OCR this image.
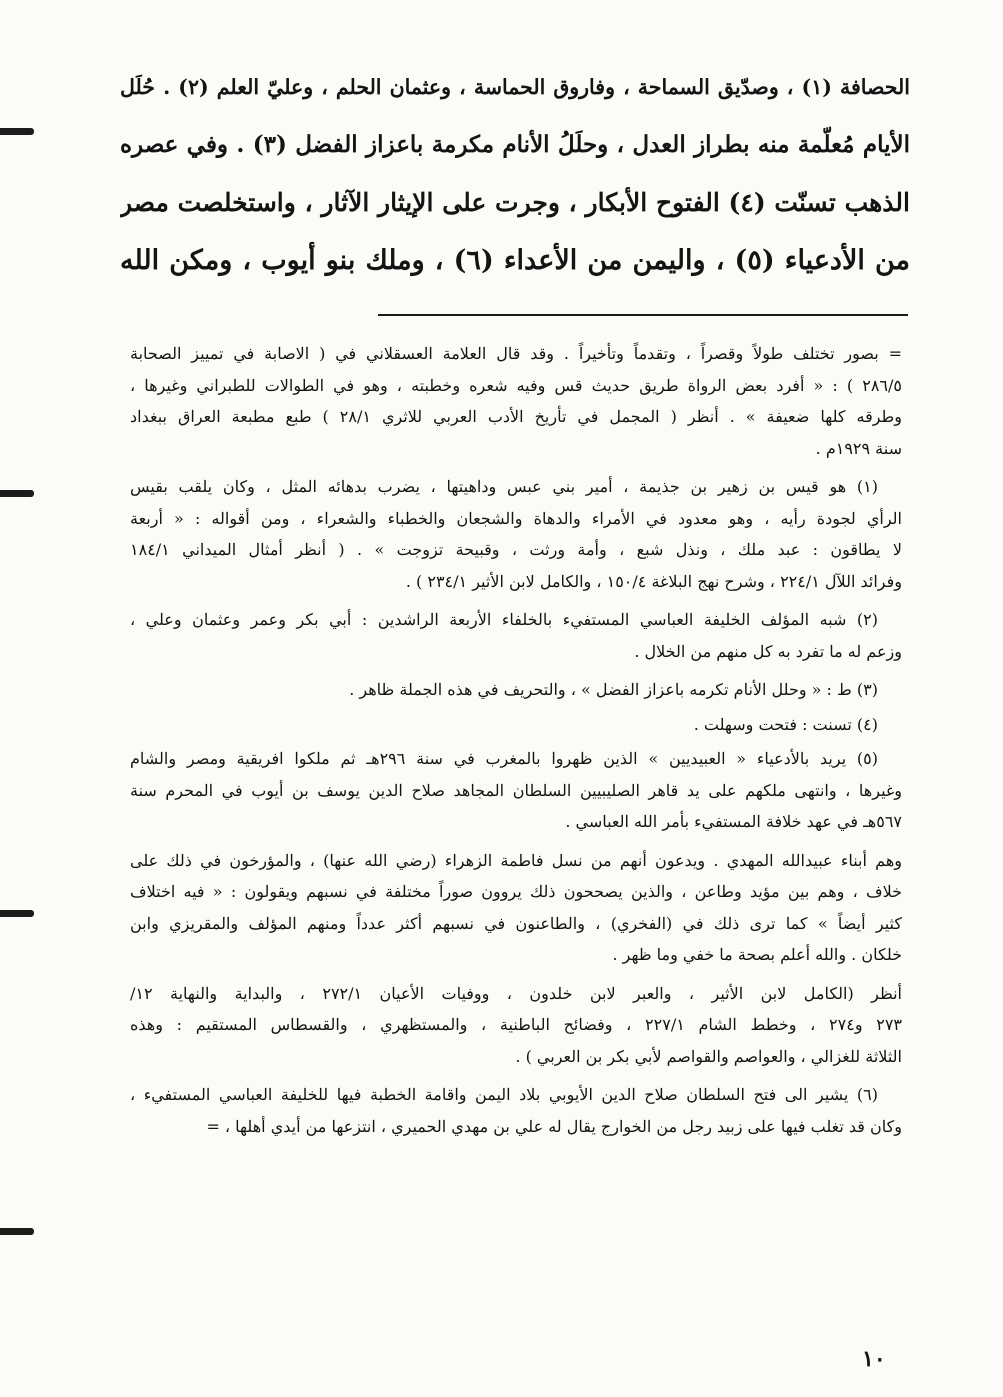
الحصافة (١) ، وصدّيق السماحة ، وفاروق الحماسة ، وعثمان الحلم ، وعليّ العلم (٢) . حُلَل
الأيام مُعلّمة منه بطراز العدل ، وحلَلُ الأنام مكرمة باعزاز الفضل (٣) . وفي عصره
الذهب تسنّت (٤) الفتوح الأبكار ، وجرت على الإيثار الآثار ، واستخلصت مصر
من الأدعياء (٥) ، واليمن من الأعداء (٦) ، وملك بنو أيوب ، ومكن الله
= بصور تختلف طولاً وقصراً ، وتقدماً وتأخيراً . وقد قال العلامة العسقلاني في ( الاصابة في تمييز الصحابة
٢٨٦/٥ ) : « أفرد بعض الرواة طريق حديث قس وفيه شعره وخطبته ، وهو في الطوالات للطبراني وغيرها ،
وطرقه كلها ضعيفة » . أنظر ( المجمل في تأريخ الأدب العربي للاثري ٢٨/١ ) طبع مطبعة العراق ببغداد
سنة ١٩٢٩م .
(١) هو قيس بن زهير بن جذيمة ، أمير بني عبس وداهيتها ، يضرب بدهائه المثل ، وكان يلقب بقيس
الرأي لجودة رأيه ، وهو معدود في الأمراء والدهاة والشجعان والخطباء والشعراء ، ومن أقواله : « أربعة
لا يطاقون : عبد ملك ، ونذل شبع ، وأمة ورثت ، وقبيحة تزوجت » . ( أنظر أمثال الميداني ١٨٤/١
وفرائد اللآل ٢٢٤/١ ، وشرح نهج البلاغة ١٥٠/٤ ، والكامل لابن الأثير ٢٣٤/١ ) .
(٢) شبه المؤلف الخليفة العباسي المستفيء بالخلفاء الأربعة الراشدين : أبي بكر وعمر وعثمان وعلي ،
وزعم له ما تفرد به كل منهم من الخلال .
(٣) ط : « وحلل الأنام تكرمه باعزاز الفضل » ، والتحريف في هذه الجملة ظاهر .
(٤) تسنت : فتحت وسهلت .
(٥) يريد بالأدعياء « العبيديين » الذين ظهروا بالمغرب في سنة ٢٩٦هـ ثم ملكوا افريقية ومصر والشام
وغيرها ، وانتهى ملكهم على يد قاهر الصليبيين السلطان المجاهد صلاح الدين يوسف بن أيوب في المحرم سنة
٥٦٧هـ في عهد خلافة المستفيء بأمر الله العباسي .
وهم أبناء عبيدالله المهدي . ويدعون أنهم من نسل فاطمة الزهراء (رضي الله عنها) ، والمؤرخون في ذلك على
خلاف ، وهم بين مؤيد وطاعن ، والذين يصححون ذلك يروون صوراً مختلفة في نسبهم ويقولون : « فيه اختلاف
كثير أيضاً » كما ترى ذلك في (الفخري) ، والطاعنون في نسبهم أكثر عدداً ومنهم المؤلف والمقريزي وابن
خلكان . والله أعلم بصحة ما خفي وما ظهر .
أنظر (الكامل لابن الأثير ، والعبر لابن خلدون ، ووفيات الأعيان ٢٧٢/١ ، والبداية والنهاية ١٢/
٢٧٣ و٢٧٤ ، وخطط الشام ٢٢٧/١ ، وفضائح الباطنية ، والمستظهري ، والقسطاس المستقيم : وهذه
الثلاثة للغزالي ، والعواصم والقواصم لأبي بكر بن العربي ) .
(٦) يشير الى فتح السلطان صلاح الدين الأيوبي بلاد اليمن واقامة الخطبة فيها للخليفة العباسي المستفيء ،
وكان قد تغلب فيها على زبيد رجل من الخوارج يقال له علي بن مهدي الحميري ، انتزعها من أيدي أهلها ، =
١٠
